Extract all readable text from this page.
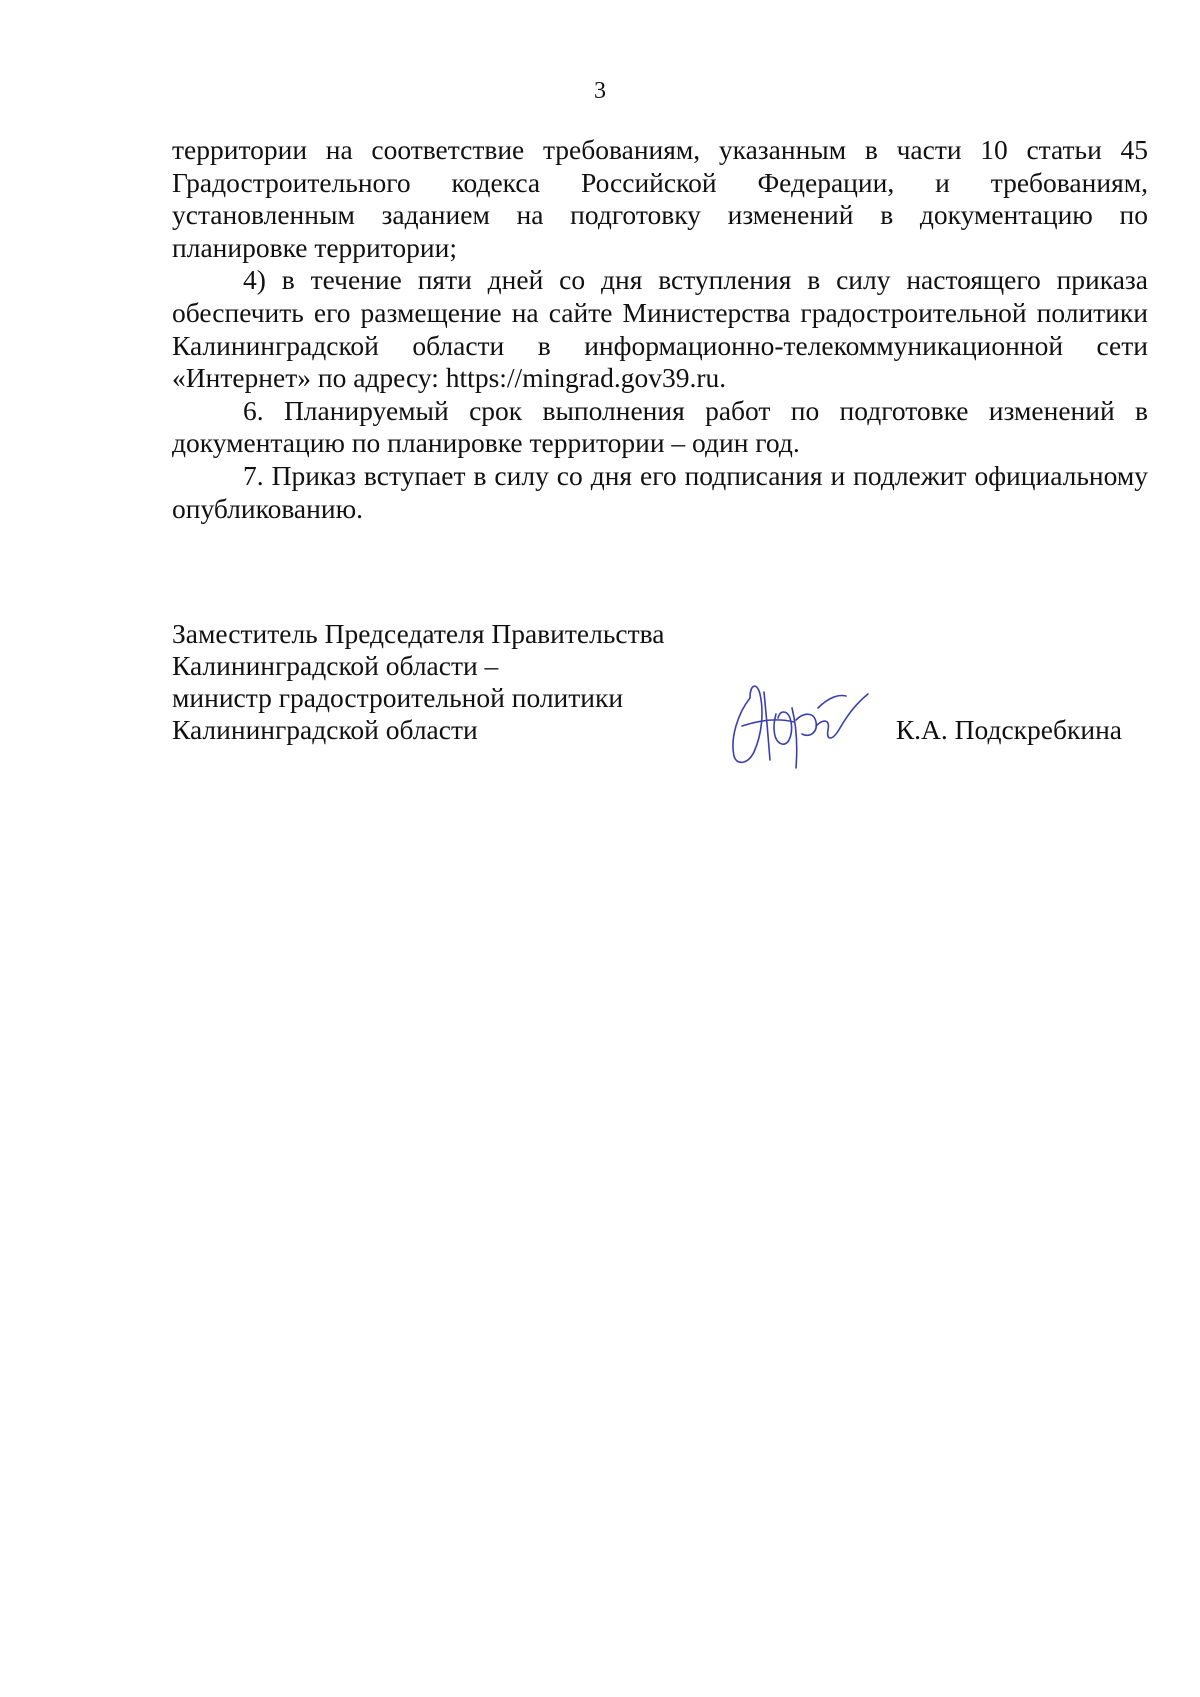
3

территории на соответствие требованиям, указанным в части 10 статьи 45 Градостроительного кодекса Российской Федерации, и требованиям, установленным заданием на подготовку изменений в документацию по планировке территории;

4) в течение пяти дней со дня вступления в силу настоящего приказа обеспечить его размещение на сайте Министерства градостроительной политики Калининградской области в информационно-телекоммуникационной сети «Интернет» по адресу: https://mingrad.gov39.ru.

6. Планируемый срок выполнения работ по подготовке изменений в документацию по планировке территории – один год.

7. Приказ вступает в силу со дня его подписания и подлежит официальному опубликованию.

Заместитель Председателя Правительства
Калининградской области –
министр градостроительной политики
Калининградской области	К.А. Подскребкина
